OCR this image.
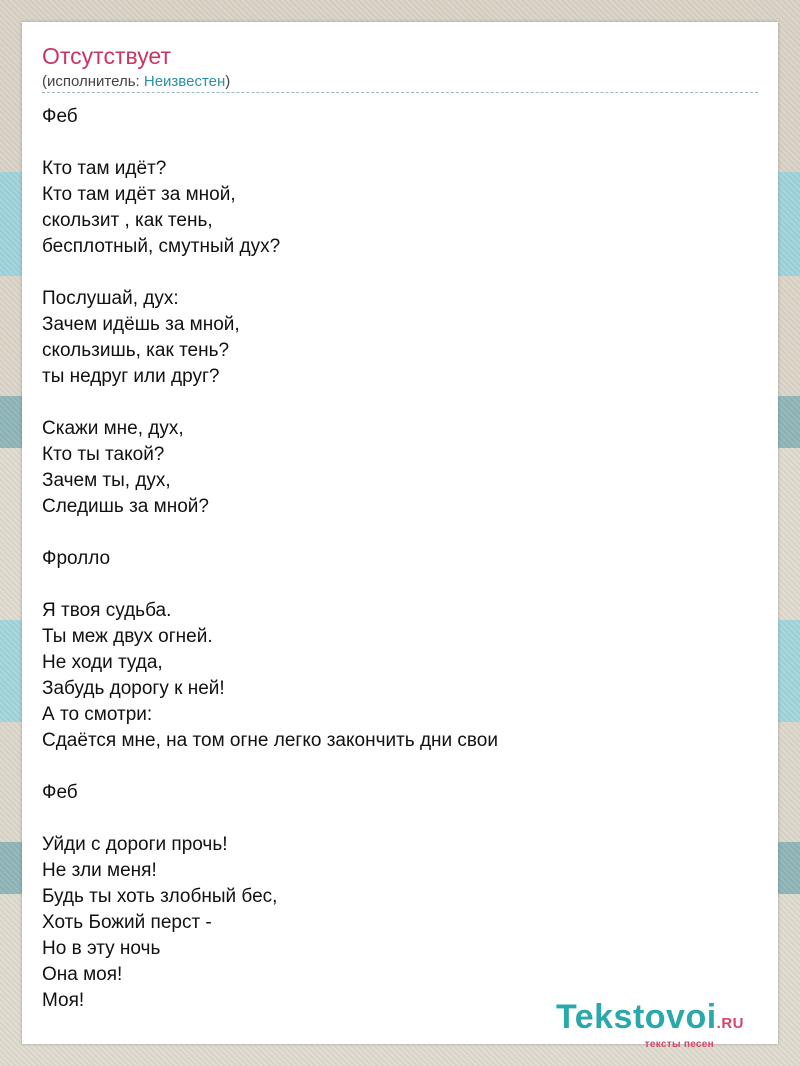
Отсутствует
(исполнитель: Неизвестен)
Феб
Кто там идёт?
Кто там идёт за мной,
скользит , как тень,
бесплотный, смутный дух?
Послушай, дух:
Зачем идёшь за мной,
скользишь, как тень?
ты недруг или друг?
Скажи мне, дух,
Кто ты такой?
Зачем ты, дух,
Следишь за мной?
Фролло
Я твоя судьба.
Ты меж двух огней.
Не ходи туда,
Забудь дорогу к ней!
А то смотри:
Сдаётся мне, на том огне легко закончить дни свои
Феб
Уйди с дороги прочь!
Не зли меня!
Будь ты хоть злобный бес,
Хоть Божий перст -
Но в эту ночь
Она моя!
Моя!	Tekstovoi.RU
тексты песен
